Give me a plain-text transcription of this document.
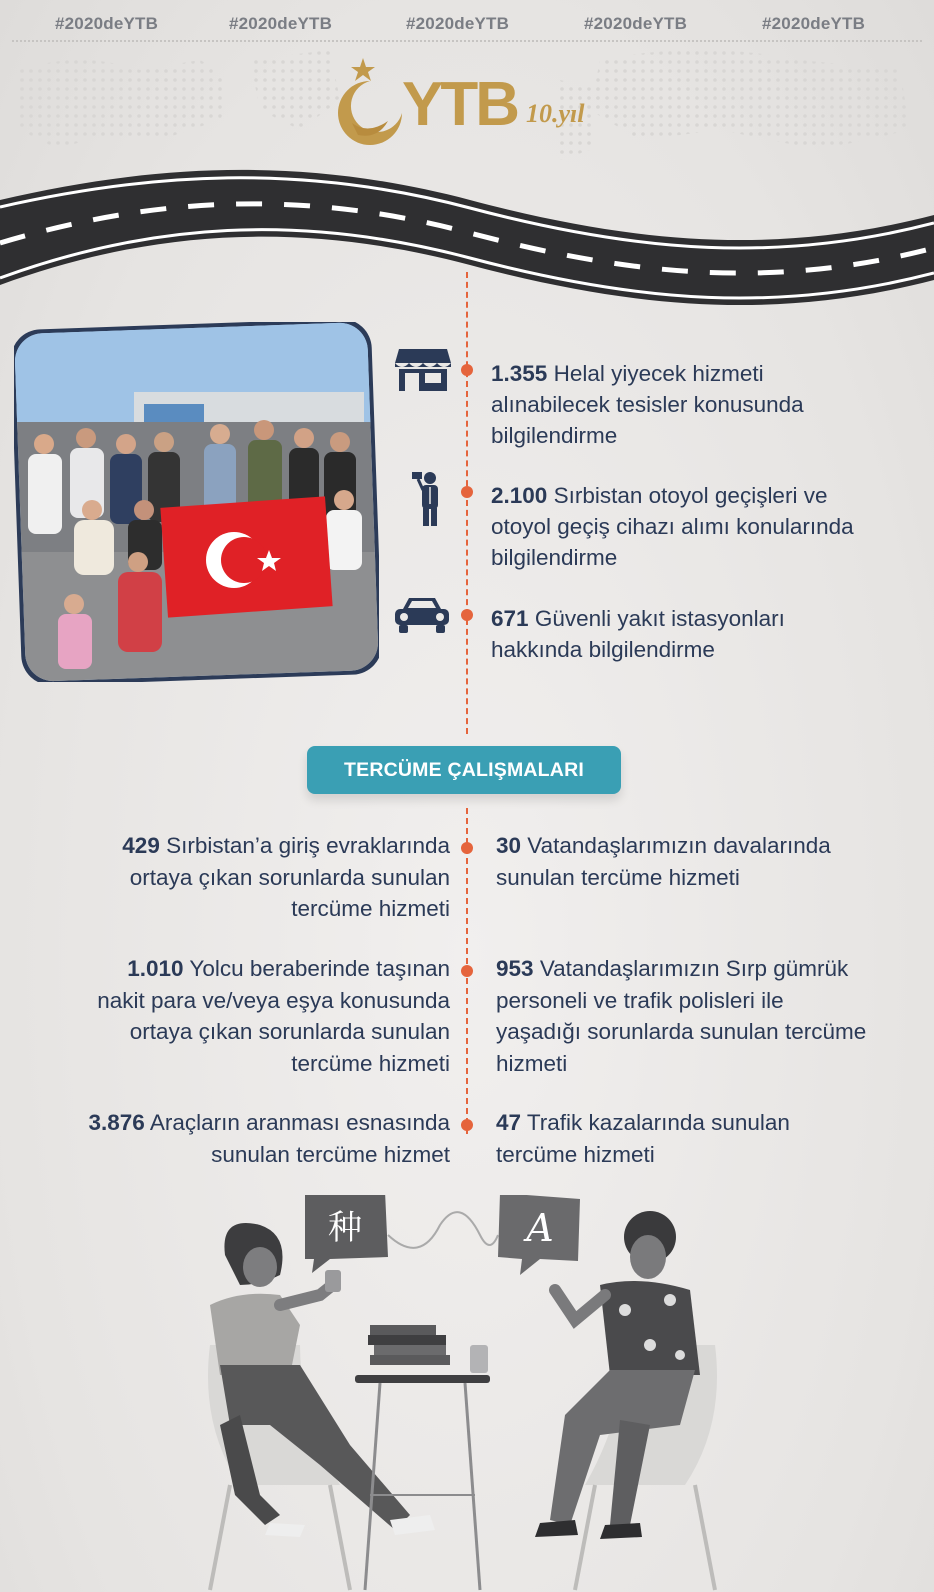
#2020deYTB	#2020deYTB	#2020deYTB	#2020deYTB	#2020deYTB
YTB 10.yıl
1.355 Helal yiyecek hizmeti
alınabilecek tesisler konusunda
bilgilendirme
2.100 Sırbistan otoyol geçişleri ve
otoyol geçiş cihazı alımı konularında
bilgilendirme
671 Güvenli yakıt istasyonları
hakkında bilgilendirme
TERCÜME ÇALIŞMALARI
429 Sırbistan’a giriş evraklarında
ortaya çıkan sorunlarda sunulan
tercüme hizmeti
30 Vatandaşlarımızın davalarında
sunulan tercüme hizmeti
1.010 Yolcu beraberinde taşınan
nakit para ve/veya eşya konusunda
ortaya çıkan sorunlarda sunulan
tercüme hizmeti
953 Vatandaşlarımızın Sırp gümrük
personeli ve trafik polisleri ile
yaşadığı sorunlarda sunulan tercüme
hizmeti
3.876 Araçların aranması esnasında
sunulan tercüme hizmet
47 Trafik kazalarında sunulan
tercüme hizmeti
种	A
